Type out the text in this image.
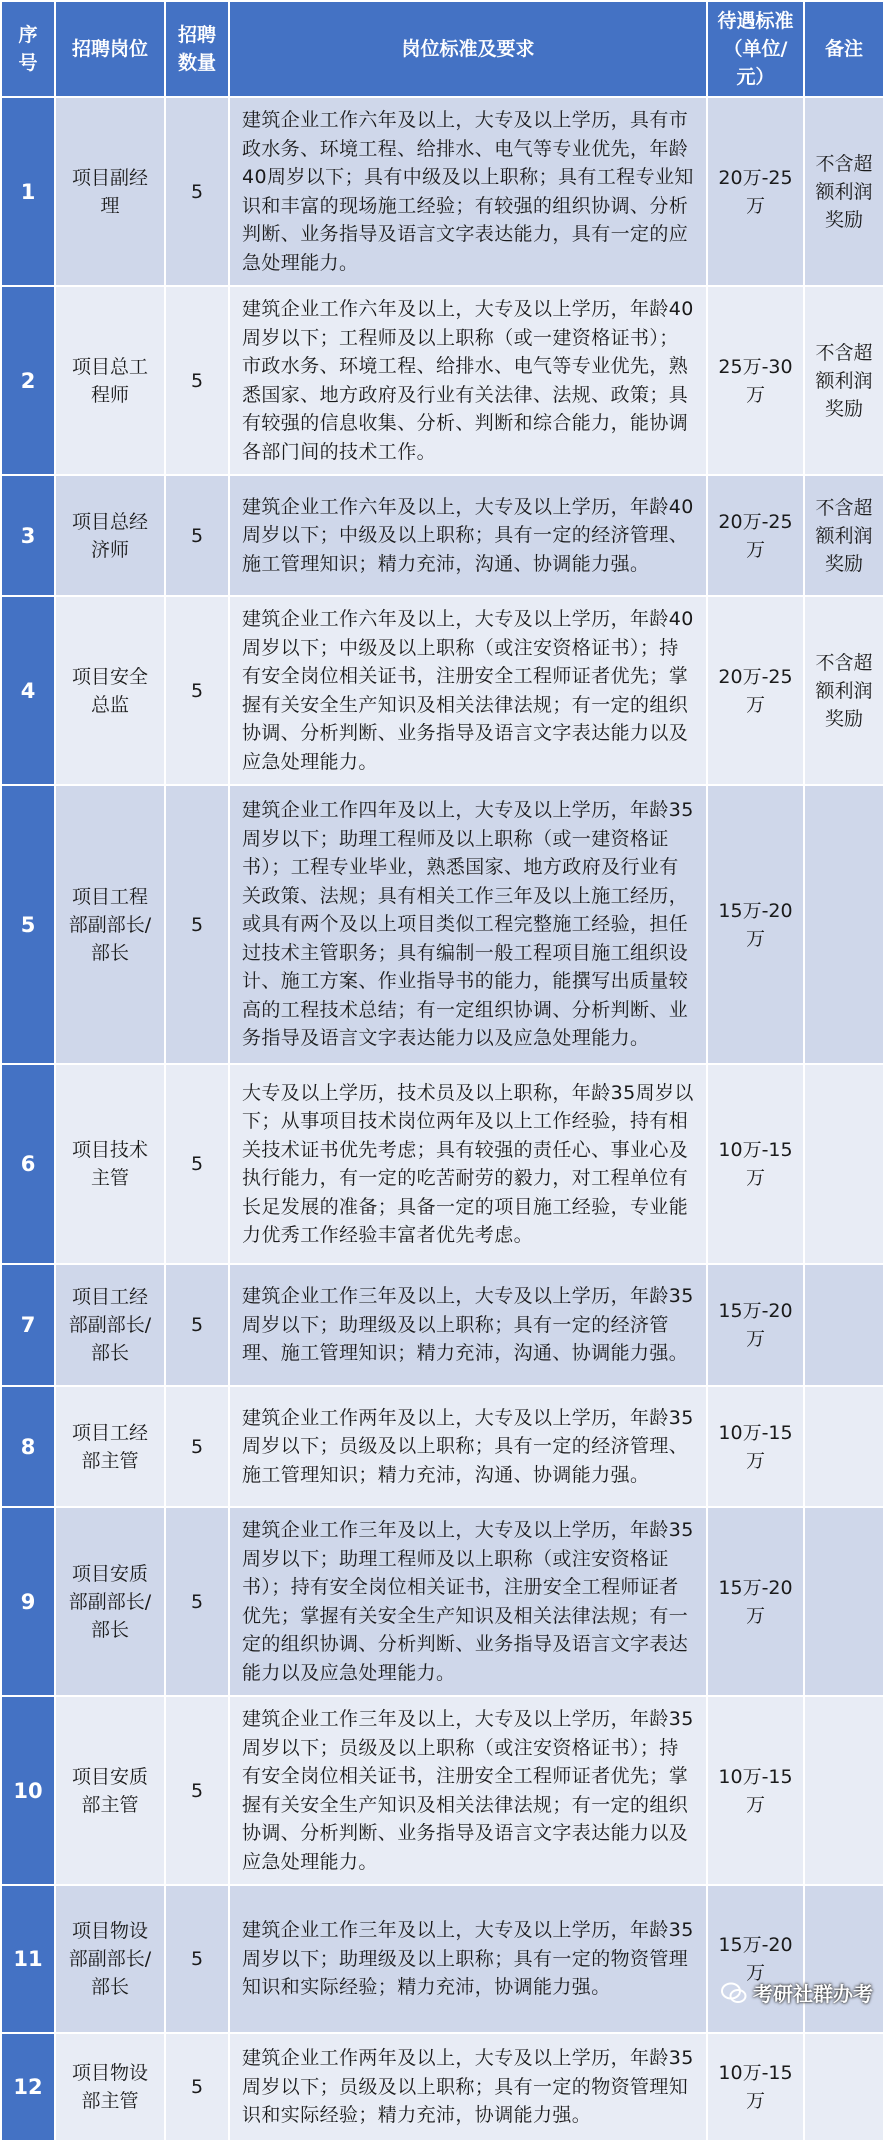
序号	招聘岗位	招聘数量	岗位标准及要求	待遇标准（单位/元）	备注
1	项目副经理	5	建筑企业工作六年及以上，大专及以上学历，具有市政水务、环境工程、给排水、电气等专业优先，年龄40周岁以下；具有中级及以上职称；具有工程专业知识和丰富的现场施工经验；有较强的组织协调、分析判断、业务指导及语言文字表达能力，具有一定的应急处理能力。	20万-25万	不含超额利润奖励
2	项目总工程师	5	建筑企业工作六年及以上，大专及以上学历，年龄40周岁以下；工程师及以上职称（或一建资格证书）；市政水务、环境工程、给排水、电气等专业优先，熟悉国家、地方政府及行业有关法律、法规、政策；具有较强的信息收集、分析、判断和综合能力，能协调各部门间的技术工作。	25万-30万	不含超额利润奖励
3	项目总经济师	5	建筑企业工作六年及以上，大专及以上学历，年龄40周岁以下；中级及以上职称；具有一定的经济管理、施工管理知识；精力充沛，沟通、协调能力强。	20万-25万	不含超额利润奖励
4	项目安全总监	5	建筑企业工作六年及以上，大专及以上学历，年龄40周岁以下；中级及以上职称（或注安资格证书）；持有安全岗位相关证书，注册安全工程师证者优先；掌握有关安全生产知识及相关法律法规；有一定的组织协调、分析判断、业务指导及语言文字表达能力以及应急处理能力。	20万-25万	不含超额利润奖励
5	项目工程部副部长/部长	5	建筑企业工作四年及以上，大专及以上学历，年龄35周岁以下；助理工程师及以上职称（或一建资格证书）；工程专业毕业，熟悉国家、地方政府及行业有关政策、法规；具有相关工作三年及以上施工经历，或具有两个及以上项目类似工程完整施工经验，担任过技术主管职务；具有编制一般工程项目施工组织设计、施工方案、作业指导书的能力，能撰写出质量较高的工程技术总结；有一定组织协调、分析判断、业务指导及语言文字表达能力以及应急处理能力。	15万-20万	
6	项目技术主管	5	大专及以上学历，技术员及以上职称，年龄35周岁以下；从事项目技术岗位两年及以上工作经验，持有相关技术证书优先考虑；具有较强的责任心、事业心及执行能力，有一定的吃苦耐劳的毅力，对工程单位有长足发展的准备；具备一定的项目施工经验，专业能力优秀工作经验丰富者优先考虑。	10万-15万	
7	项目工经部副部长/部长	5	建筑企业工作三年及以上，大专及以上学历，年龄35周岁以下；助理级及以上职称；具有一定的经济管理、施工管理知识；精力充沛，沟通、协调能力强。	15万-20万	
8	项目工经部主管	5	建筑企业工作两年及以上，大专及以上学历，年龄35周岁以下；员级及以上职称；具有一定的经济管理、施工管理知识；精力充沛，沟通、协调能力强。	10万-15万	
9	项目安质部副部长/部长	5	建筑企业工作三年及以上，大专及以上学历，年龄35周岁以下；助理工程师及以上职称（或注安资格证书）；持有安全岗位相关证书，注册安全工程师证者优先；掌握有关安全生产知识及相关法律法规；有一定的组织协调、分析判断、业务指导及语言文字表达能力以及应急处理能力。	15万-20万	
10	项目安质部主管	5	建筑企业工作三年及以上，大专及以上学历，年龄35周岁以下；员级及以上职称（或注安资格证书）；持有安全岗位相关证书，注册安全工程师证者优先；掌握有关安全生产知识及相关法律法规；有一定的组织协调、分析判断、业务指导及语言文字表达能力以及应急处理能力。	10万-15万	
11	项目物设部副部长/部长	5	建筑企业工作三年及以上，大专及以上学历，年龄35周岁以下；助理级及以上职称；具有一定的物资管理知识和实际经验；精力充沛，协调能力强。	15万-20万	
12	项目物设部主管	5	建筑企业工作两年及以上，大专及以上学历，年龄35周岁以下；员级及以上职称；具有一定的物资管理知识和实际经验；精力充沛，协调能力强。	10万-15万	
考研社群办考
